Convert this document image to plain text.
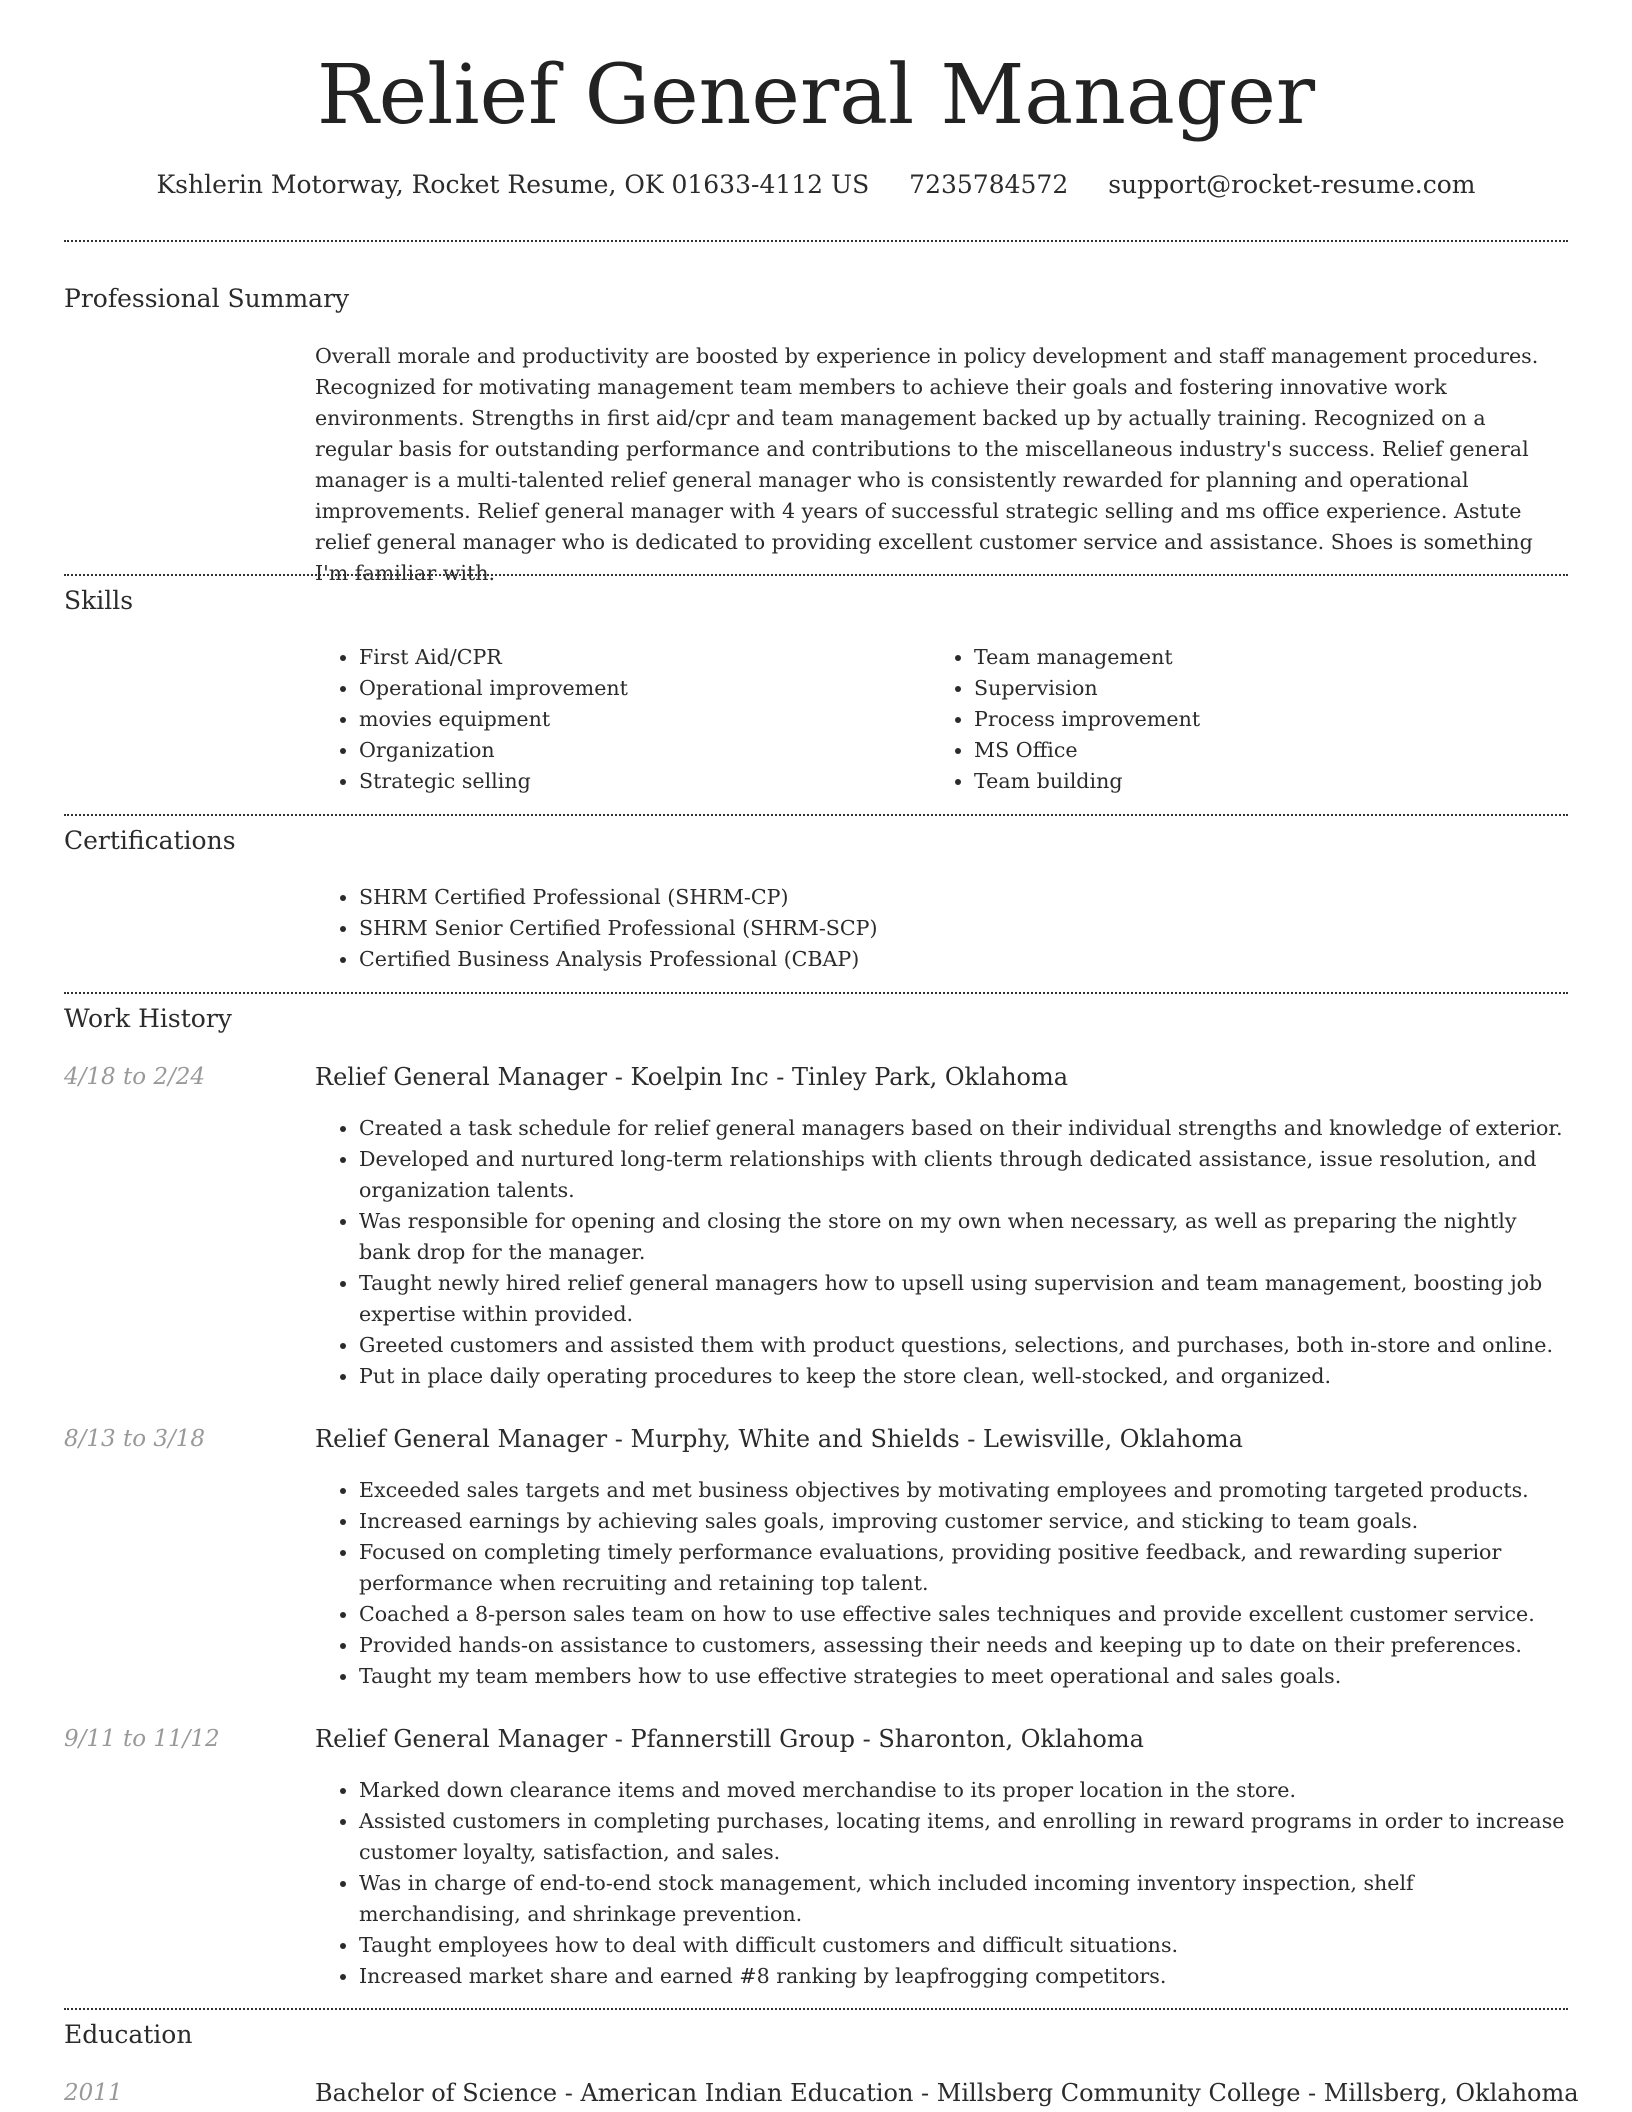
Relief General Manager
Kshlerin Motorway, Rocket Resume, OK 01633-4112 US 7235784572 support@rocket-resume.com
Professional Summary

Overall morale and productivity are boosted by experience in policy development and staff management procedures. Recognized for motivating management team members to achieve their goals and fostering innovative work environments. Strengths in first aid/cpr and team management backed up by actually training. Recognized on a regular basis for outstanding performance and contributions to the miscellaneous industry's success. Relief general manager is a multi-talented relief general manager who is consistently rewarded for planning and operational improvements. Relief general manager with 4 years of successful strategic selling and ms office experience. Astute relief general manager who is dedicated to providing excellent customer service and assistance. Shoes is something I'm familiar with.

Skills
• First Aid/CPR
• Operational improvement
• movies equipment
• Organization
• Strategic selling
• Team management
• Supervision
• Process improvement
• MS Office
• Team building
Certifications
• SHRM Certified Professional (SHRM-CP)
• SHRM Senior Certified Professional (SHRM-SCP)
• Certified Business Analysis Professional (CBAP)
Work History
4/18 to 2/24	Relief General Manager - Koelpin Inc - Tinley Park, Oklahoma
• Created a task schedule for relief general managers based on their individual strengths and knowledge of exterior.
• Developed and nurtured long-term relationships with clients through dedicated assistance, issue resolution, and organization talents.
• Was responsible for opening and closing the store on my own when necessary, as well as preparing the nightly bank drop for the manager.
• Taught newly hired relief general managers how to upsell using supervision and team management, boosting job expertise within provided.
• Greeted customers and assisted them with product questions, selections, and purchases, both in-store and online.
• Put in place daily operating procedures to keep the store clean, well-stocked, and organized.
8/13 to 3/18	Relief General Manager - Murphy, White and Shields - Lewisville, Oklahoma
• Exceeded sales targets and met business objectives by motivating employees and promoting targeted products.
• Increased earnings by achieving sales goals, improving customer service, and sticking to team goals.
• Focused on completing timely performance evaluations, providing positive feedback, and rewarding superior performance when recruiting and retaining top talent.
• Coached a 8-person sales team on how to use effective sales techniques and provide excellent customer service.
• Provided hands-on assistance to customers, assessing their needs and keeping up to date on their preferences.
• Taught my team members how to use effective strategies to meet operational and sales goals.
9/11 to 11/12	Relief General Manager - Pfannerstill Group - Sharonton, Oklahoma
• Marked down clearance items and moved merchandise to its proper location in the store.
• Assisted customers in completing purchases, locating items, and enrolling in reward programs in order to increase customer loyalty, satisfaction, and sales.
• Was in charge of end-to-end stock management, which included incoming inventory inspection, shelf merchandising, and shrinkage prevention.
• Taught employees how to deal with difficult customers and difficult situations.
• Increased market share and earned #8 ranking by leapfrogging competitors.
Education
2011	Bachelor of Science - American Indian Education - Millsberg Community College - Millsberg, Oklahoma
